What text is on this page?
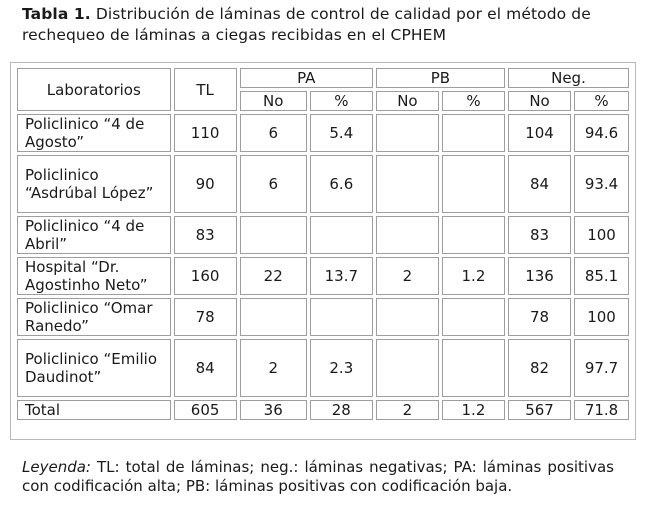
Tabla 1. Distribución de láminas de control de calidad por el método de rechequeo de láminas a ciegas recibidas en el CPHEM
Laboratorios	TL	PA		PB		Neg.	
		No	%	No	%	No	%
Policlinico “4 de Agosto”	110	6	5.4			104	94.6
Policlinico “Asdrúbal López”	90	6	6.6			84	93.4
Policlinico “4 de Abril”	83					83	100
Hospital “Dr. Agostinho Neto”	160	22	13.7	2	1.2	136	85.1
Policlinico “Omar Ranedo”	78					78	100
Policlinico “Emilio Daudinot”	84	2	2.3			82	97.7
Total	605	36	28	2	1.2	567	71.8
Leyenda: TL: total de láminas; neg.: láminas negativas; PA: láminas positivas con codificación alta; PB: láminas positivas con codificación baja.
